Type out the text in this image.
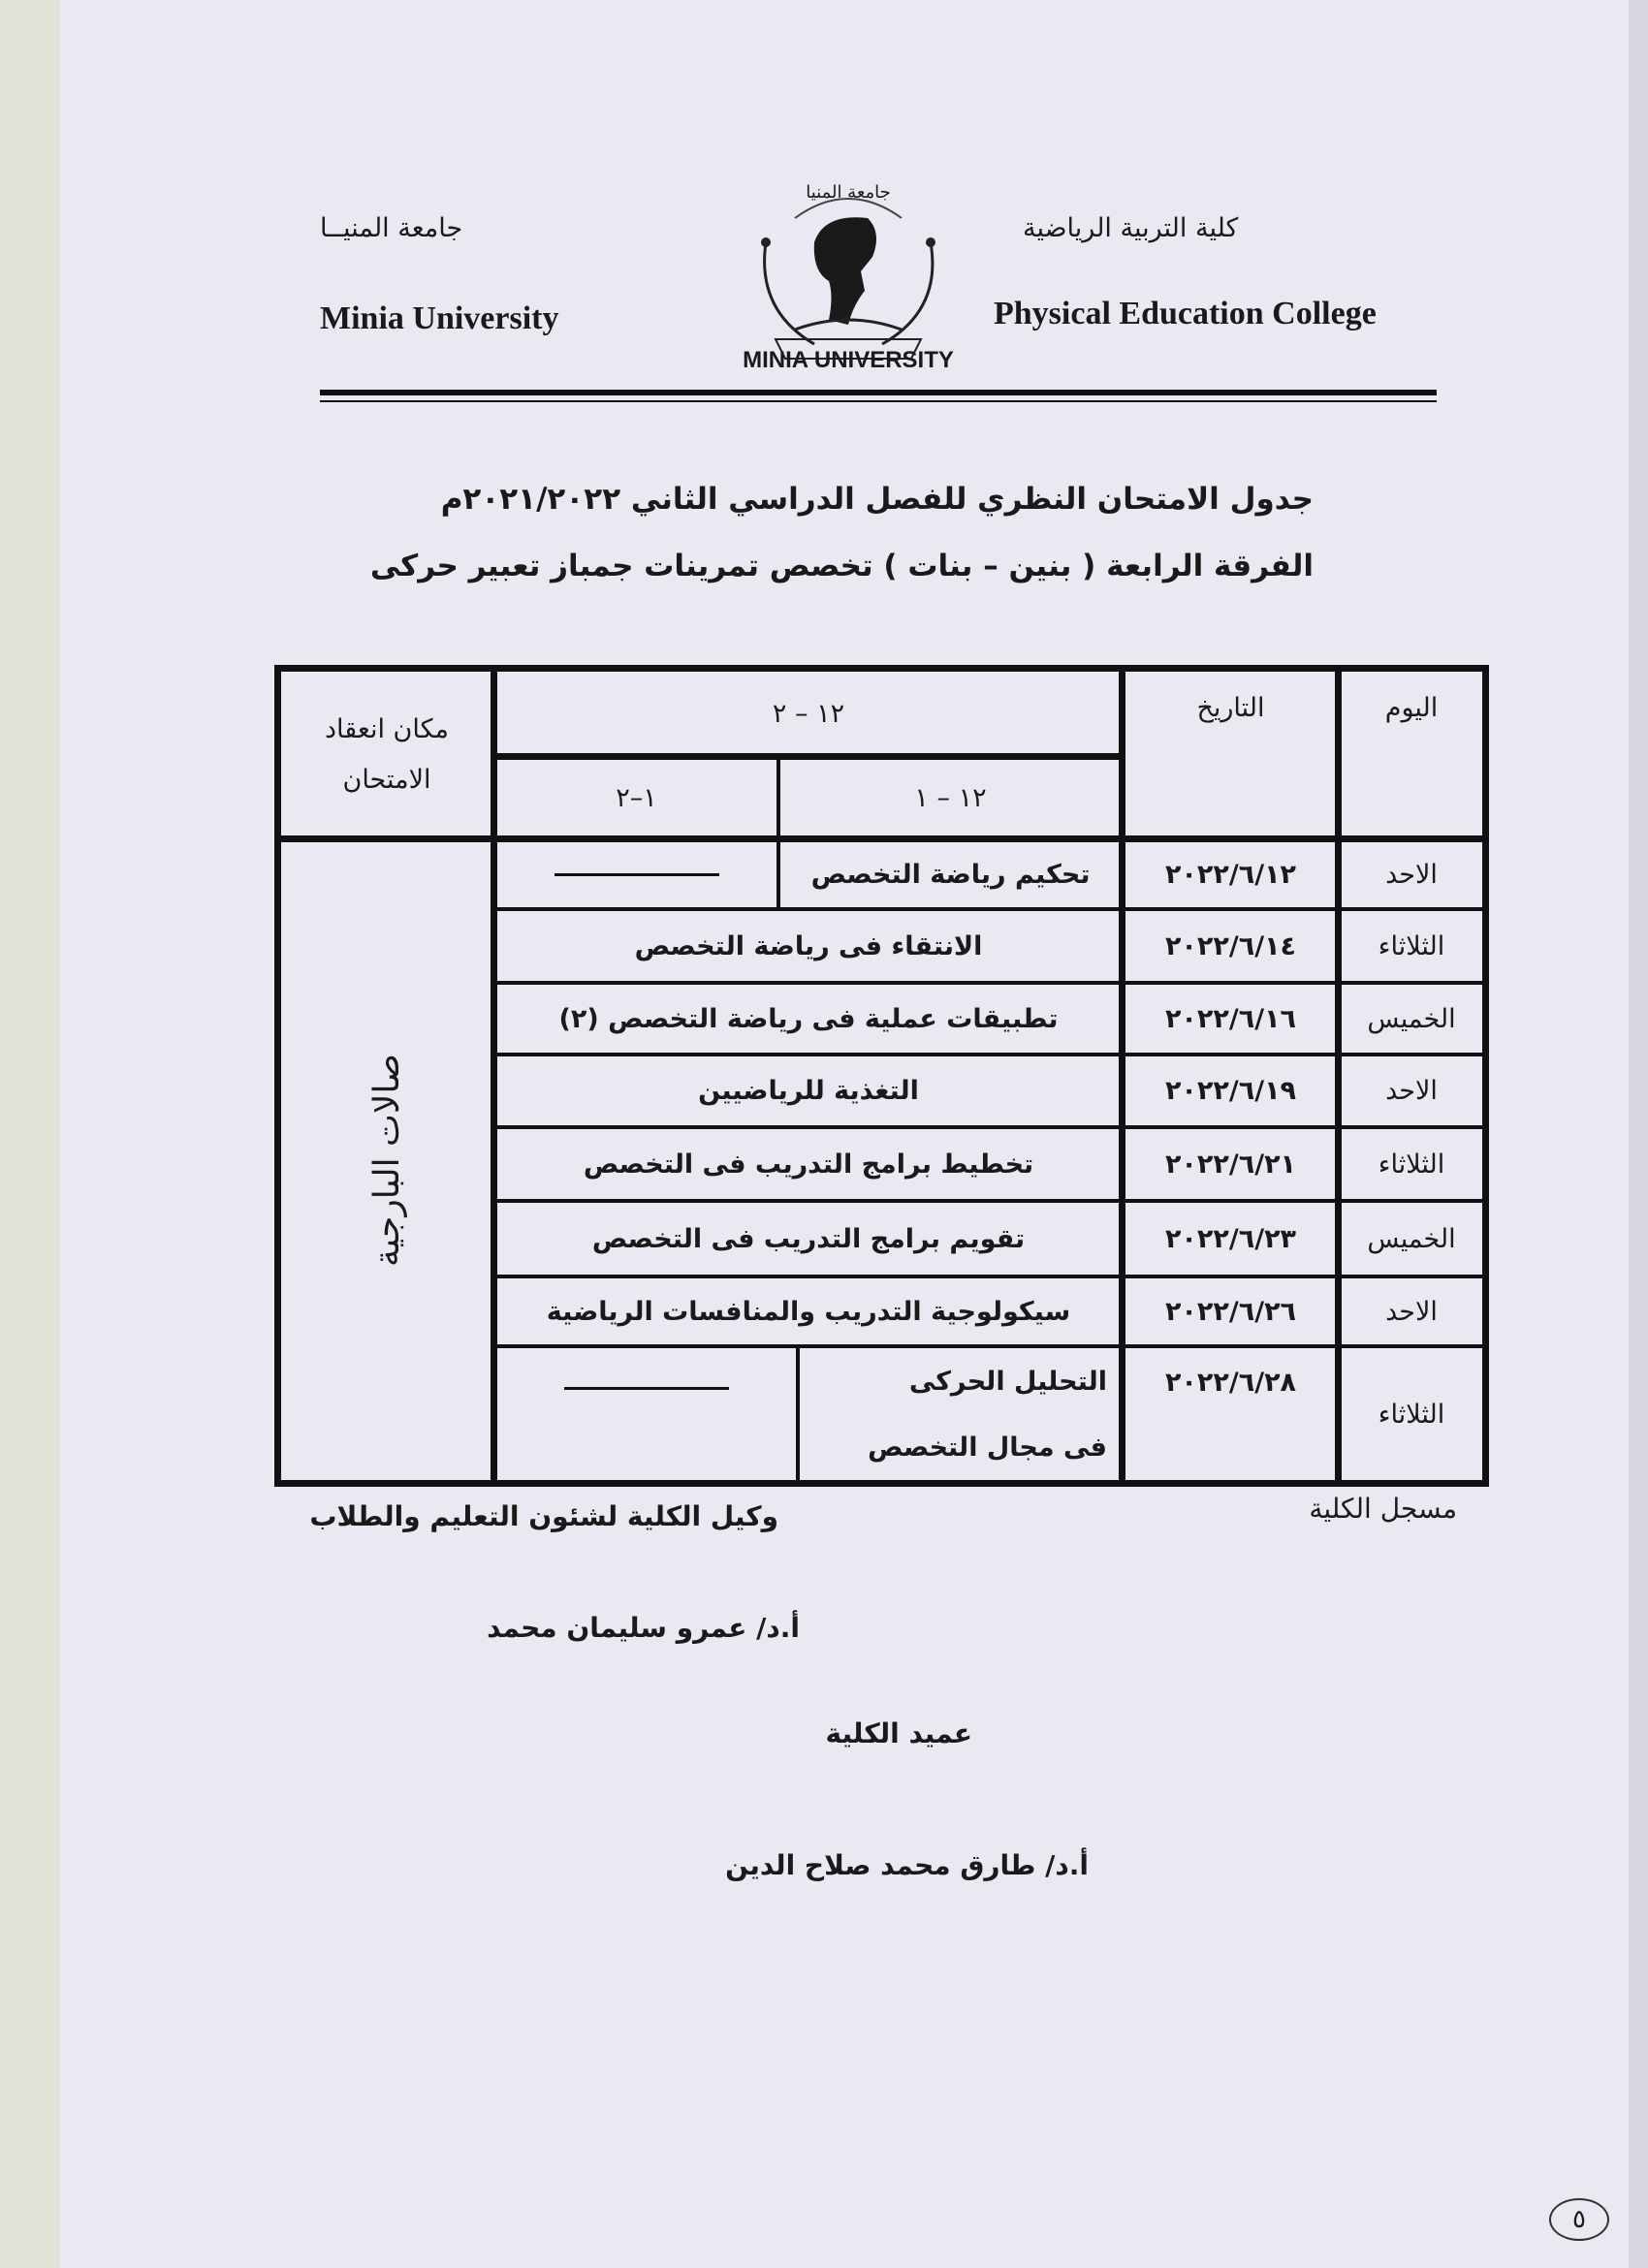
كلية التربية الرياضية
جامعة المنيــا
Physical Education College
Minia University
MINIA UNIVERSITY
جامعة المنيا
جدول الامتحان النظري للفصل الدراسي الثاني ٢٠٢١/٢٠٢٢م
الفرقة الرابعة ( بنين – بنات ) تخصص تمرينات جمباز تعبير حركى
اليوم
التاريخ
١٢ – ٢
١٢ – ١
١–٢
مكان انعقاد الامتحان
صالات البارجية
الاحد
٢٠٢٢/٦/١٢
تحكيم رياضة التخصص
الثلاثاء
٢٠٢٢/٦/١٤
الانتقاء فى رياضة التخصص
الخميس
٢٠٢٢/٦/١٦
تطبيقات عملية فى رياضة التخصص (٢)
الاحد
٢٠٢٢/٦/١٩
التغذية للرياضيين
الثلاثاء
٢٠٢٢/٦/٢١
تخطيط برامج التدريب فى التخصص
الخميس
٢٠٢٢/٦/٢٣
تقويم برامج التدريب فى التخصص
الاحد
٢٠٢٢/٦/٢٦
سيكولوجية التدريب والمنافسات الرياضية
الثلاثاء
٢٠٢٢/٦/٢٨
التحليل الحركى
فى مجال التخصص
مسجل الكلية
وكيل الكلية لشئون التعليم والطلاب
أ.د/ عمرو سليمان محمد
عميد الكلية
أ.د/ طارق محمد صلاح الدين
٥
